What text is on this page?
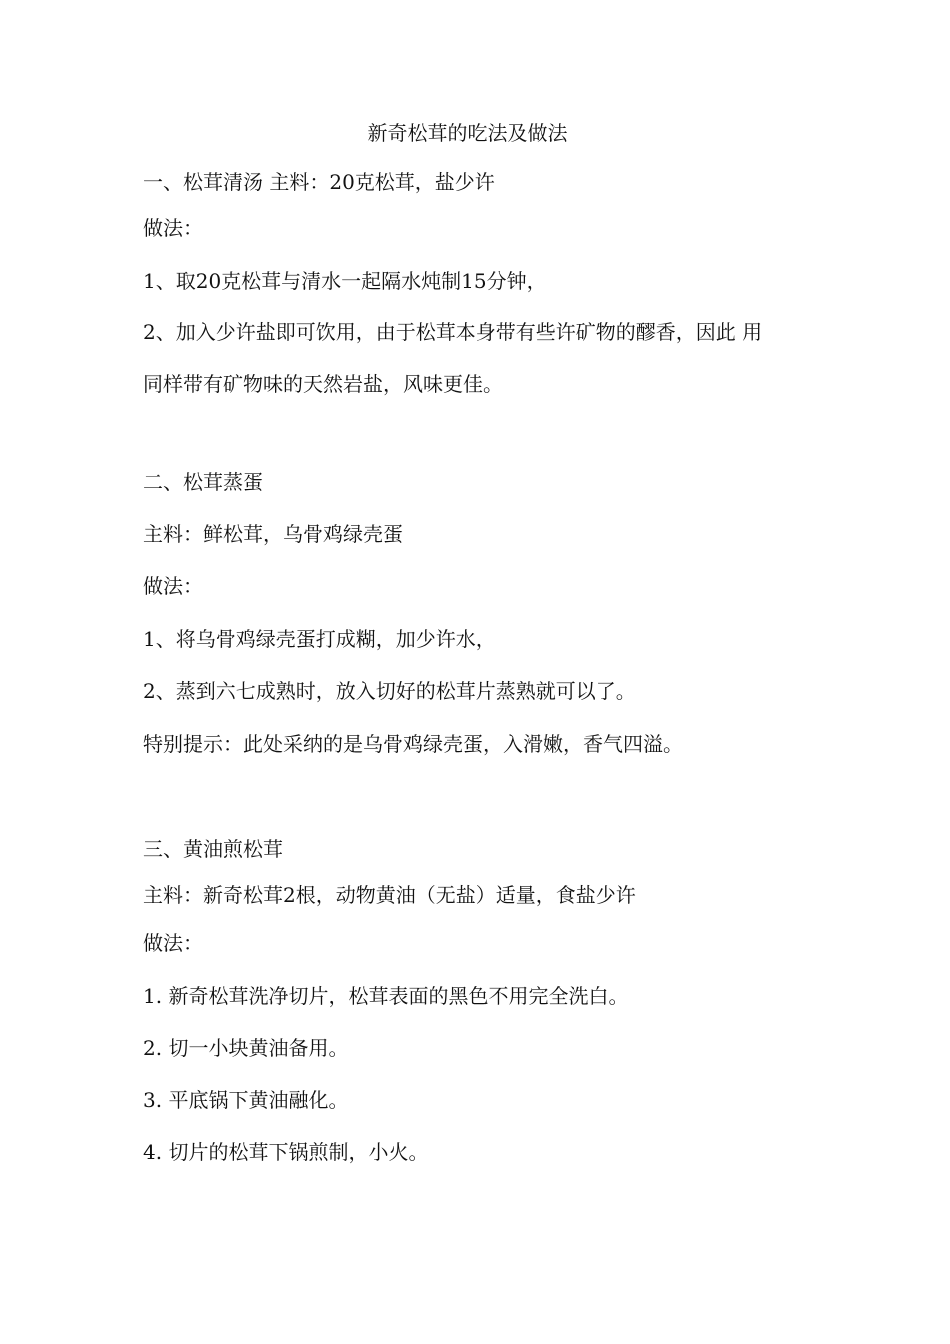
新奇松茸的吃法及做法
一、松茸清汤 主料：20克松茸，盐少许
做法：
1、取20克松茸与清水一起隔水炖制15分钟，
2、加入少许盐即可饮用，由于松茸本身带有些许矿物的醪香，因此 用
同样带有矿物味的天然岩盐，风味更佳。
二、松茸蒸蛋
主料：鲜松茸，乌骨鸡绿壳蛋
做法：
1、将乌骨鸡绿壳蛋打成糊，加少许水，
2、蒸到六七成熟时，放入切好的松茸片蒸熟就可以了。
特别提示：此处采纳的是乌骨鸡绿壳蛋，入滑嫩，香气四溢。
三、黄油煎松茸
主料：新奇松茸2根，动物黄油（无盐）适量，食盐少许
做法：
1. 新奇松茸洗净切片，松茸表面的黑色不用完全洗白。
2. 切一小块黄油备用。
3. 平底锅下黄油融化。
4. 切片的松茸下锅煎制，小火。
